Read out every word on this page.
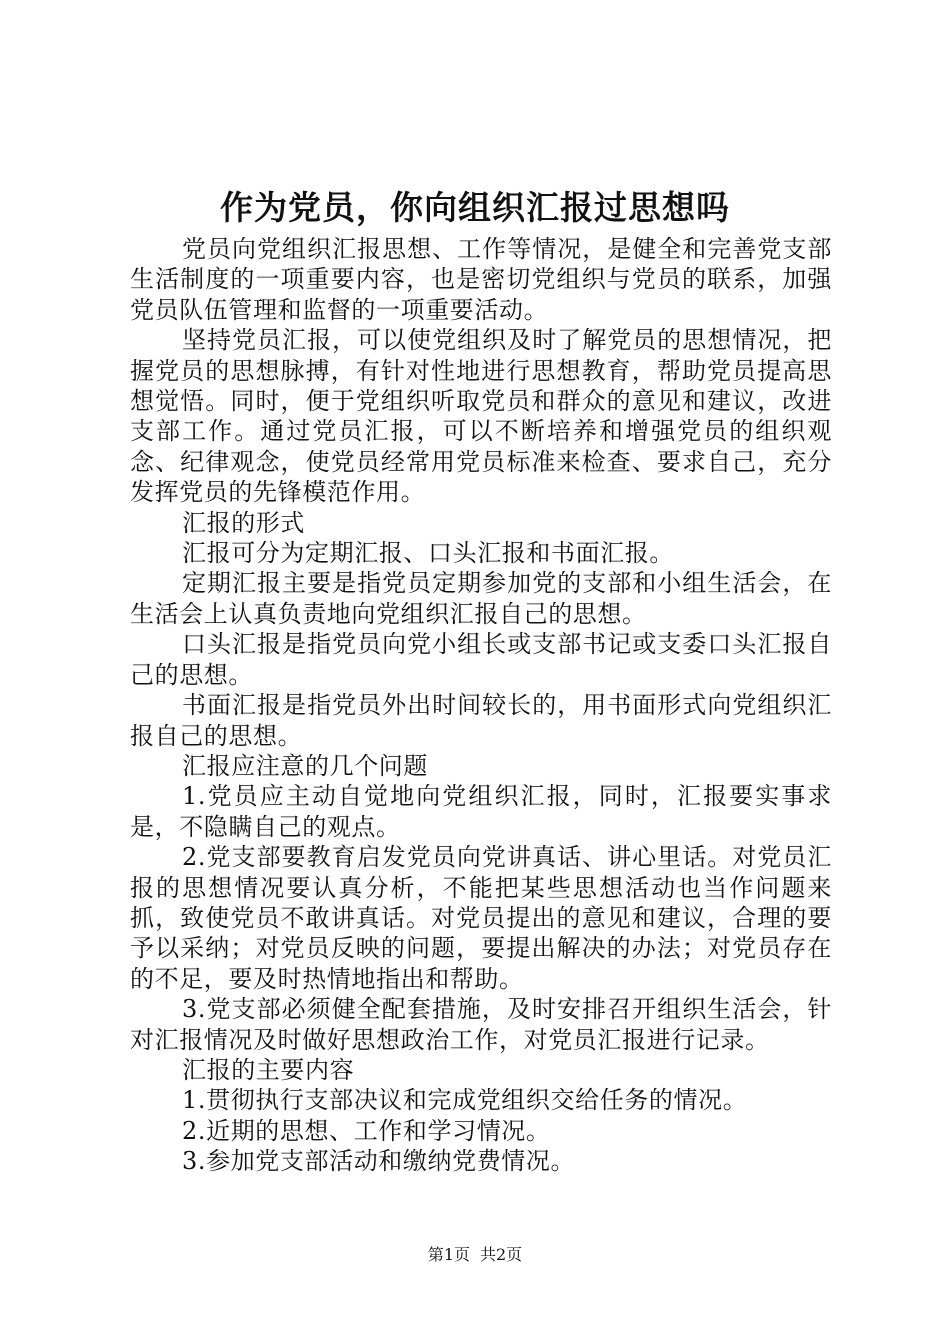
作为党员，你向组织汇报过思想吗

党员向党组织汇报思想、工作等情况，是健全和完善党支部生活制度的一项重要内容，也是密切党组织与党员的联系，加强党员队伍管理和监督的一项重要活动。

坚持党员汇报，可以使党组织及时了解党员的思想情况，把握党员的思想脉搏，有针对性地进行思想教育，帮助党员提高思想觉悟。同时，便于党组织听取党员和群众的意见和建议，改进支部工作。通过党员汇报，可以不断培养和增强党员的组织观念、纪律观念，使党员经常用党员标准来检查、要求自己，充分发挥党员的先锋模范作用。

汇报的形式

汇报可分为定期汇报、口头汇报和书面汇报。

定期汇报主要是指党员定期参加党的支部和小组生活会，在生活会上认真负责地向党组织汇报自己的思想。

口头汇报是指党员向党小组长或支部书记或支委口头汇报自己的思想。

书面汇报是指党员外出时间较长的，用书面形式向党组织汇报自己的思想。

汇报应注意的几个问题

1.党员应主动自觉地向党组织汇报，同时，汇报要实事求是，不隐瞒自己的观点。

2.党支部要教育启发党员向党讲真话、讲心里话。对党员汇报的思想情况要认真分析，不能把某些思想活动也当作问题来抓，致使党员不敢讲真话。对党员提出的意见和建议，合理的要予以采纳；对党员反映的问题，要提出解决的办法；对党员存在的不足，要及时热情地指出和帮助。

3.党支部必须健全配套措施，及时安排召开组织生活会，针对汇报情况及时做好思想政治工作，对党员汇报进行记录。

汇报的主要内容

1.贯彻执行支部决议和完成党组织交给任务的情况。

2.近期的思想、工作和学习情况。

3.参加党支部活动和缴纳党费情况。

第1页 共2页
